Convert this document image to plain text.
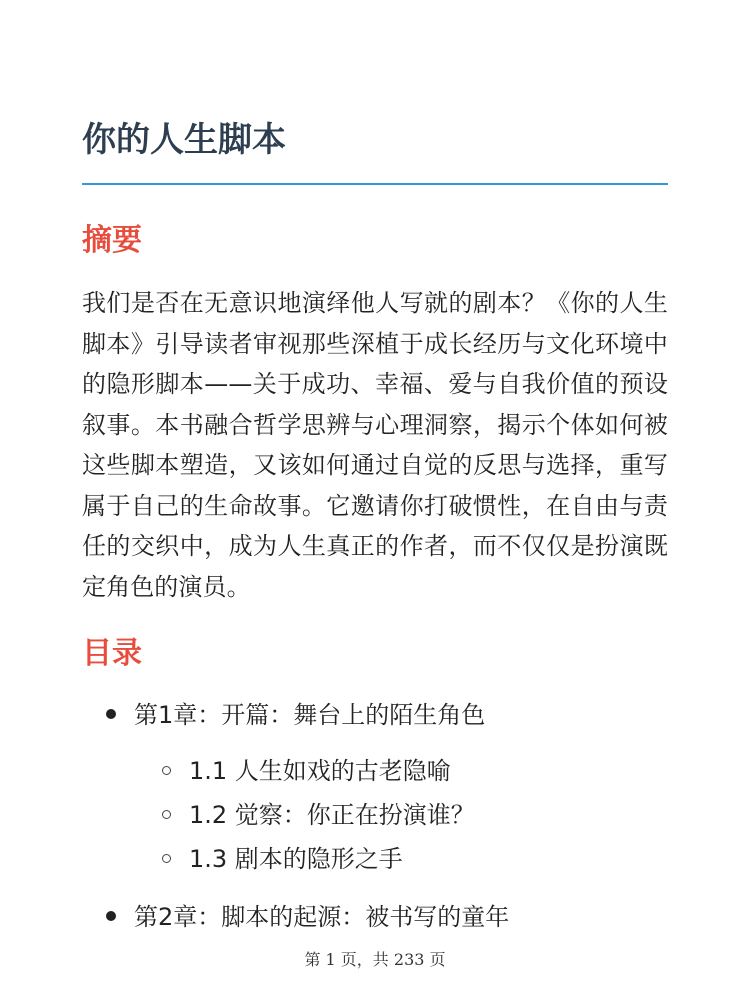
你的人生脚本
摘要

我们是否在无意识地演绎他人写就的剧本？《你的人生脚本》引导读者审视那些深植于成长经历与文化环境中的隐形脚本——关于成功、幸福、爱与自我价值的预设叙事。本书融合哲学思辨与心理洞察，揭示个体如何被这些脚本塑造，又该如何通过自觉的反思与选择，重写属于自己的生命故事。它邀请你打破惯性，在自由与责任的交织中，成为人生真正的作者，而不仅仅是扮演既定角色的演员。

目录
第1章：开篇：舞台上的陌生角色
1.1 人生如戏的古老隐喻
1.2 觉察：你正在扮演谁？
1.3 剧本的隐形之手
第2章：脚本的起源：被书写的童年
第 1 页，共 233 页
